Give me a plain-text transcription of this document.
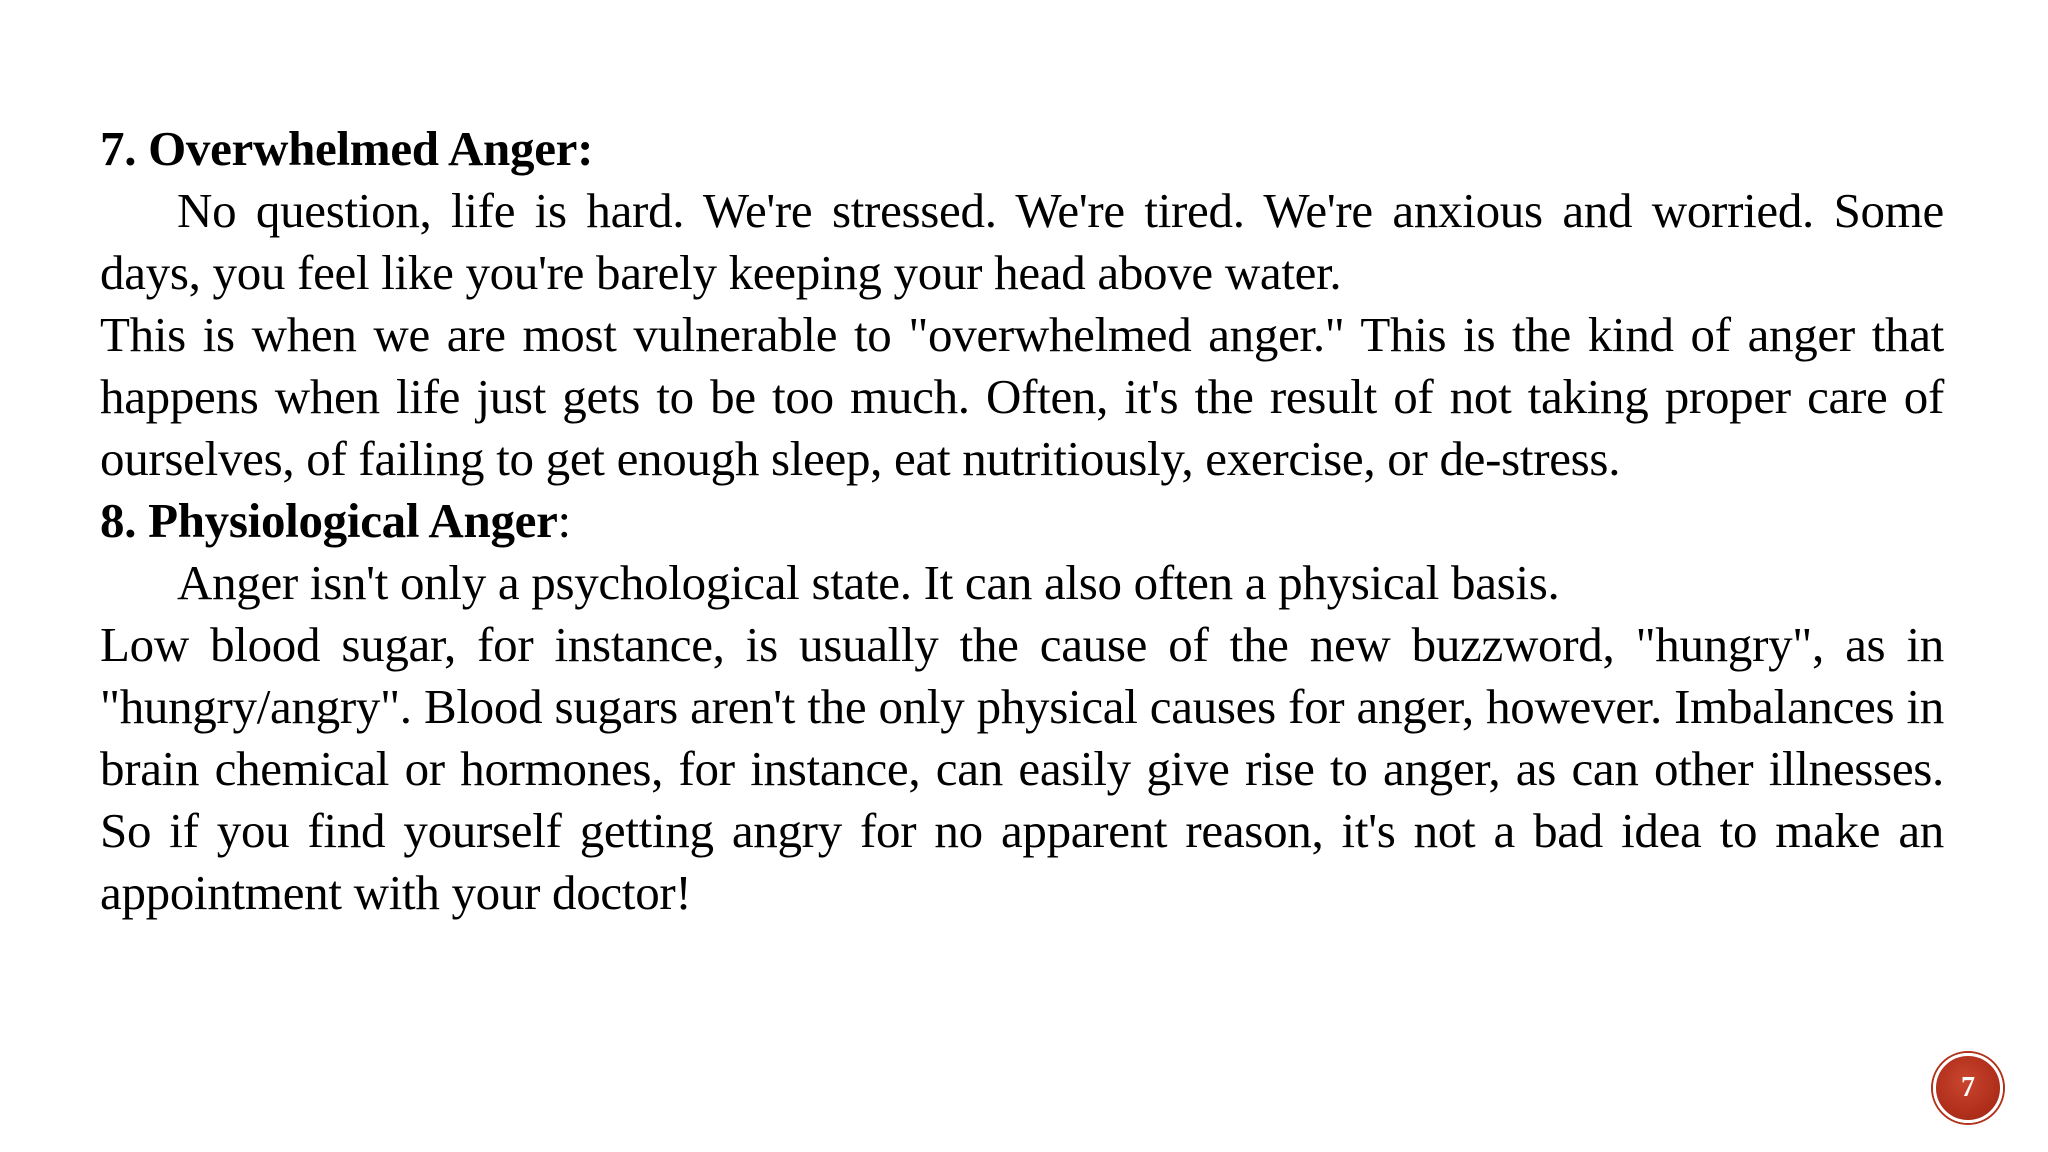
7. Overwhelmed Anger:

No question, life is hard. We're stressed. We're tired. We're anxious and worried. Some days, you feel like you're barely keeping your head above water.

This is when we are most vulnerable to "overwhelmed anger." This is the kind of anger that happens when life just gets to be too much. Often, it's the result of not taking proper care of ourselves, of failing to get enough sleep, eat nutritiously, exercise, or de-stress.

8. Physiological Anger:

Anger isn't only a psychological state. It can also often a physical basis.

Low blood sugar, for instance, is usually the cause of the new buzzword, "hungry", as in "hungry/angry". Blood sugars aren't the only physical causes for anger, however. Imbalances in brain chemical or hormones, for instance, can easily give rise to anger, as can other illnesses. So if you find yourself getting angry for no apparent reason, it's not a bad idea to make an appointment with your doctor!

7
